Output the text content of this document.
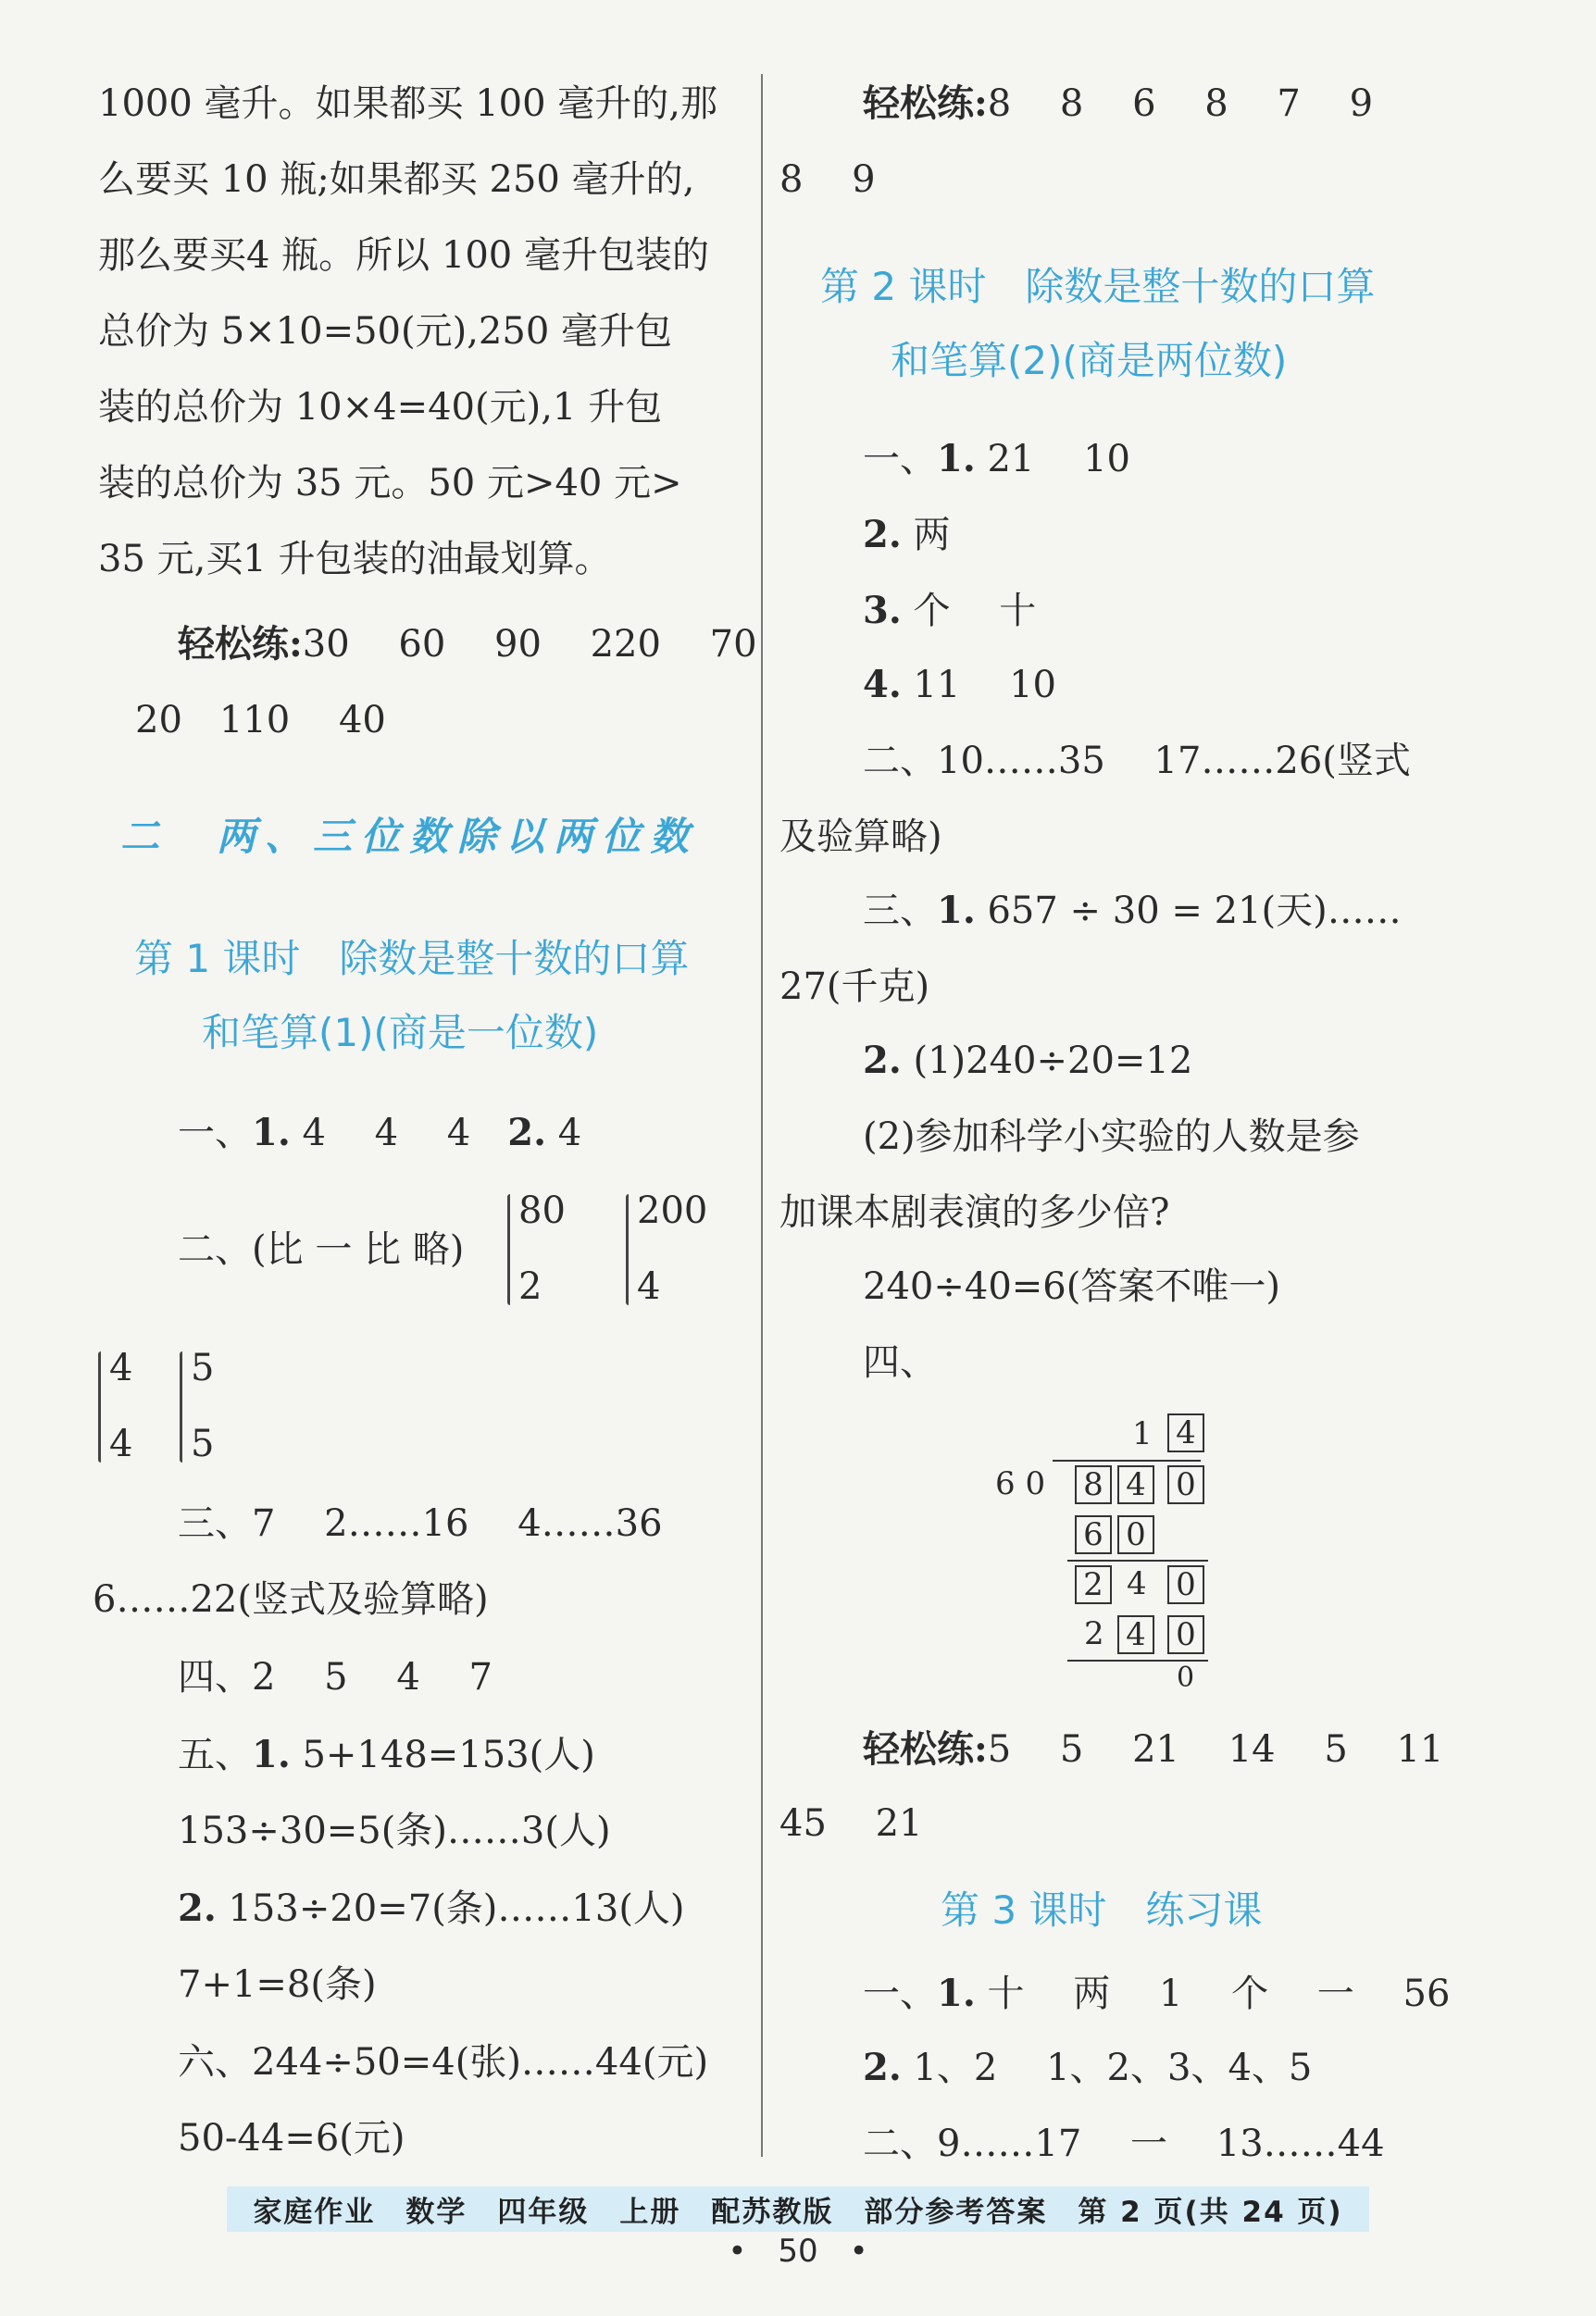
1000 毫升。如果都买 100 毫升的,那
么要买 10 瓶;如果都买 250 毫升的,
那么要买4 瓶。所以 100 毫升包装的
总价为 5×10=50(元),250 毫升包
装的总价为 10×4=40(元),1 升包
装的总价为 35 元。50 元>40 元>
35 元,买1 升包装的油最划算。
轻松练:30　 60　 90　 220　 70
20　110　 40
二　两、三位数除以两位数
第 1 课时　除数是整十数的口算
和笔算(1)(商是一位数)
一、1. 4　 4　 4　2. 4
二、(比 一 比 略)
80
2
200
4
4
4
5
5
三、7　 2……16　 4……36
6……22(竖式及验算略)
四、2　 5　 4　 7
五、1. 5+148=153(人)
153÷30=5(条)……3(人)
2. 153÷20=7(条)……13(人)
7+1=8(条)
六、244÷50=4(张)……44(元)
50-44=6(元)
轻松练:8　 8　 6　 8　 7　 9
8　 9
第 2 课时　除数是整十数的口算
和笔算(2)(商是两位数)
一、1. 21　 10
2. 两
3. 个　 十
4. 11　 10
二、10……35　 17……26(竖式
及验算略)
三、1. 657 ÷ 30 = 21(天)……
27(千克)
2. (1)240÷20=12
(2)参加科学小实验的人数是参
加课本剧表演的多少倍?
240÷40=6(答案不唯一)
四、
1 4
6 0 8 4 0
6 0
2 4 0
2 4 0
0
轻松练:5　 5　 21　 14　 5　 11
45　 21
第 3 课时　练习课
一、1. 十　 两　 1　 个　 一　 56
2. 1、2　 1、2、3、4、5
二、9……17　 一　 13……44
家庭作业　数学　四年级　上册　配苏教版　部分参考答案　第 2 页(共 24 页)
•　50　•
